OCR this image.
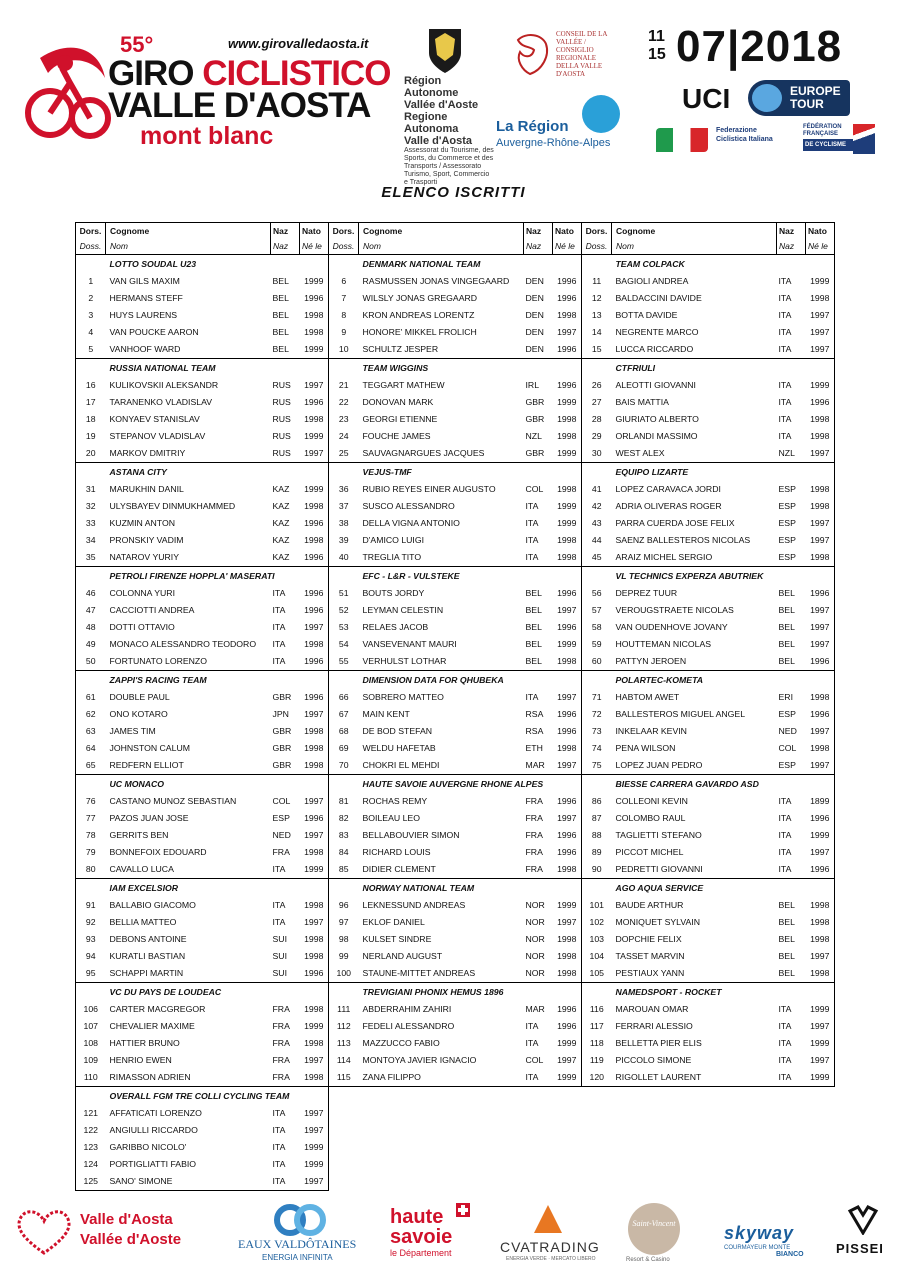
55°	www.girovalledaosta.it
GIRO CICLISTICO
VALLE D'AOSTA
mont blanc
Région Autonome
Vallée d'Aoste
Regione Autonoma
Valle d'Aosta
Assessorat du Tourisme, des Sports, du Commerce et des Transports / Assessorato Turismo, Sport, Commercio e Trasporti
CONSEIL DE LA VALLÉE / CONSIGLIO REGIONALE DELLA VALLE D'AOSTA
La Région
Auvergne-Rhône-Alpes
11
15 07|2018
UCI	EUROPE TOUR
Federazione Ciclistica Italiana
FÉDÉRATION FRANÇAISE
DE CYCLISME
ELENCO ISCRITTI
Dors.	Cognome	Naz	Nato	Dors.	Cognome	Naz	Nato	Dors.	Cognome	Naz	Nato
Doss.	Nom	Naz	Né le	Doss.	Nom	Naz	Né le	Doss.	Nom	Naz	Né le
	LOTTO SOUDAL U23				DENMARK NATIONAL TEAM				TEAM COLPACK		
1	VAN GILS MAXIM	BEL	1999	6	RASMUSSEN JONAS VINGEGAARD	DEN	1996	11	BAGIOLI ANDREA	ITA	1999
2	HERMANS STEFF	BEL	1996	7	WILSLY JONAS GREGAARD	DEN	1996	12	BALDACCINI DAVIDE	ITA	1998
3	HUYS LAURENS	BEL	1998	8	KRON ANDREAS LORENTZ	DEN	1998	13	BOTTA DAVIDE	ITA	1997
4	VAN POUCKE AARON	BEL	1998	9	HONORE' MIKKEL FROLICH	DEN	1997	14	NEGRENTE MARCO	ITA	1997
5	VANHOOF WARD	BEL	1999	10	SCHULTZ JESPER	DEN	1996	15	LUCCA RICCARDO	ITA	1997
	RUSSIA NATIONAL TEAM				TEAM WIGGINS				CTFRIULI		
16	KULIKOVSKII ALEKSANDR	RUS	1997	21	TEGGART MATHEW	IRL	1996	26	ALEOTTI GIOVANNI	ITA	1999
17	TARANENKO VLADISLAV	RUS	1996	22	DONOVAN MARK	GBR	1999	27	BAIS MATTIA	ITA	1996
18	KONYAEV STANISLAV	RUS	1998	23	GEORGI ETIENNE	GBR	1998	28	GIURIATO ALBERTO	ITA	1998
19	STEPANOV VLADISLAV	RUS	1999	24	FOUCHE JAMES	NZL	1998	29	ORLANDI MASSIMO	ITA	1998
20	MARKOV DMITRIY	RUS	1997	25	SAUVAGNARGUES JACQUES	GBR	1999	30	WEST ALEX	NZL	1997
	ASTANA CITY				VEJUS-TMF				EQUIPO LIZARTE		
31	MARUKHIN DANIL	KAZ	1999	36	RUBIO REYES EINER AUGUSTO	COL	1998	41	LOPEZ CARAVACA JORDI	ESP	1998
32	ULYSBAYEV DINMUKHAMMED	KAZ	1998	37	SUSCO ALESSANDRO	ITA	1999	42	ADRIA OLIVERAS ROGER	ESP	1998
33	KUZMIN ANTON	KAZ	1996	38	DELLA VIGNA ANTONIO	ITA	1999	43	PARRA CUERDA JOSE FELIX	ESP	1997
34	PRONSKIY VADIM	KAZ	1998	39	D'AMICO LUIGI	ITA	1998	44	SAENZ BALLESTEROS NICOLAS	ESP	1997
35	NATAROV YURIY	KAZ	1996	40	TREGLIA TITO	ITA	1998	45	ARAIZ MICHEL SERGIO	ESP	1998
	PETROLI FIRENZE HOPPLA' MASERATI				EFC - L&R - VULSTEKE				VL TECHNICS EXPERZA ABUTRIEK		
46	COLONNA YURI	ITA	1996	51	BOUTS JORDY	BEL	1996	56	DEPREZ TUUR	BEL	1996
47	CACCIOTTI ANDREA	ITA	1996	52	LEYMAN CELESTIN	BEL	1997	57	VEROUGSTRAETE NICOLAS	BEL	1997
48	DOTTI OTTAVIO	ITA	1997	53	RELAES JACOB	BEL	1996	58	VAN OUDENHOVE JOVANY	BEL	1997
49	MONACO ALESSANDRO TEODORO	ITA	1998	54	VANSEVENANT MAURI	BEL	1999	59	HOUTTEMAN NICOLAS	BEL	1997
50	FORTUNATO LORENZO	ITA	1996	55	VERHULST LOTHAR	BEL	1998	60	PATTYN JEROEN	BEL	1996
	ZAPPI'S RACING TEAM				DIMENSION DATA FOR QHUBEKA				POLARTEC-KOMETA		
61	DOUBLE PAUL	GBR	1996	66	SOBRERO MATTEO	ITA	1997	71	HABTOM AWET	ERI	1998
62	ONO KOTARO	JPN	1997	67	MAIN KENT	RSA	1996	72	BALLESTEROS MIGUEL ANGEL	ESP	1996
63	JAMES TIM	GBR	1998	68	DE BOD STEFAN	RSA	1996	73	INKELAAR KEVIN	NED	1997
64	JOHNSTON CALUM	GBR	1998	69	WELDU HAFETAB	ETH	1998	74	PENA WILSON	COL	1998
65	REDFERN ELLIOT	GBR	1998	70	CHOKRI EL MEHDI	MAR	1997	75	LOPEZ JUAN PEDRO	ESP	1997
	UC MONACO				HAUTE SAVOIE AUVERGNE RHONE ALPES				BIESSE CARRERA GAVARDO ASD		
76	CASTANO MUNOZ SEBASTIAN	COL	1997	81	ROCHAS REMY	FRA	1996	86	COLLEONI KEVIN	ITA	1899
77	PAZOS JUAN JOSE	ESP	1996	82	BOILEAU LEO	FRA	1997	87	COLOMBO RAUL	ITA	1996
78	GERRITS BEN	NED	1997	83	BELLABOUVIER SIMON	FRA	1996	88	TAGLIETTI STEFANO	ITA	1999
79	BONNEFOIX EDOUARD	FRA	1998	84	RICHARD LOUIS	FRA	1996	89	PICCOT MICHEL	ITA	1997
80	CAVALLO LUCA	ITA	1999	85	DIDIER CLEMENT	FRA	1998	90	PEDRETTI GIOVANNI	ITA	1996
	IAM EXCELSIOR				NORWAY NATIONAL TEAM				AGO AQUA SERVICE		
91	BALLABIO GIACOMO	ITA	1998	96	LEKNESSUND ANDREAS	NOR	1999	101	BAUDE ARTHUR	BEL	1998
92	BELLIA MATTEO	ITA	1997	97	EKLOF DANIEL	NOR	1997	102	MONIQUET SYLVAIN	BEL	1998
93	DEBONS ANTOINE	SUI	1998	98	KULSET SINDRE	NOR	1998	103	DOPCHIE FELIX	BEL	1998
94	KURATLI BASTIAN	SUI	1998	99	NERLAND AUGUST	NOR	1998	104	TASSET MARVIN	BEL	1997
95	SCHAPPI MARTIN	SUI	1996	100	STAUNE-MITTET ANDREAS	NOR	1998	105	PESTIAUX YANN	BEL	1998
	VC DU PAYS DE LOUDEAC				TREVIGIANI PHONIX HEMUS 1896				NAMEDSPORT - ROCKET		
106	CARTER MACGREGOR	FRA	1998	111	ABDERRAHIM ZAHIRI	MAR	1996	116	MAROUAN OMAR	ITA	1999
107	CHEVALIER MAXIME	FRA	1999	112	FEDELI ALESSANDRO	ITA	1996	117	FERRARI ALESSIO	ITA	1997
108	HATTIER BRUNO	FRA	1998	113	MAZZUCCO FABIO	ITA	1999	118	BELLETTA PIER ELIS	ITA	1999
109	HENRIO EWEN	FRA	1997	114	MONTOYA JAVIER IGNACIO	COL	1997	119	PICCOLO SIMONE	ITA	1997
110	RIMASSON ADRIEN	FRA	1998	115	ZANA FILIPPO	ITA	1999	120	RIGOLLET LAURENT	ITA	1999
	OVERALL FGM TRE COLLI CYCLING TEAM										
121	AFFATICATI LORENZO	ITA	1997								
122	ANGIULLI RICCARDO	ITA	1997								
123	GARIBBO NICOLO'	ITA	1999								
124	PORTIGLIATTI FABIO	ITA	1999								
125	SANO' SIMONE	ITA	1997								
Valle d'Aosta
Vallée d'Aoste	EAUX VALDÔTAINES
ENERGIA INFINITA
haute
savoie
le Département	CVATRADING
ENERGIA VERDE · MERCATO LIBERO
Saint-Vincent
Resort & Casino
skyway
COURMAYEUR MONTE
BIANCO PISSEI
